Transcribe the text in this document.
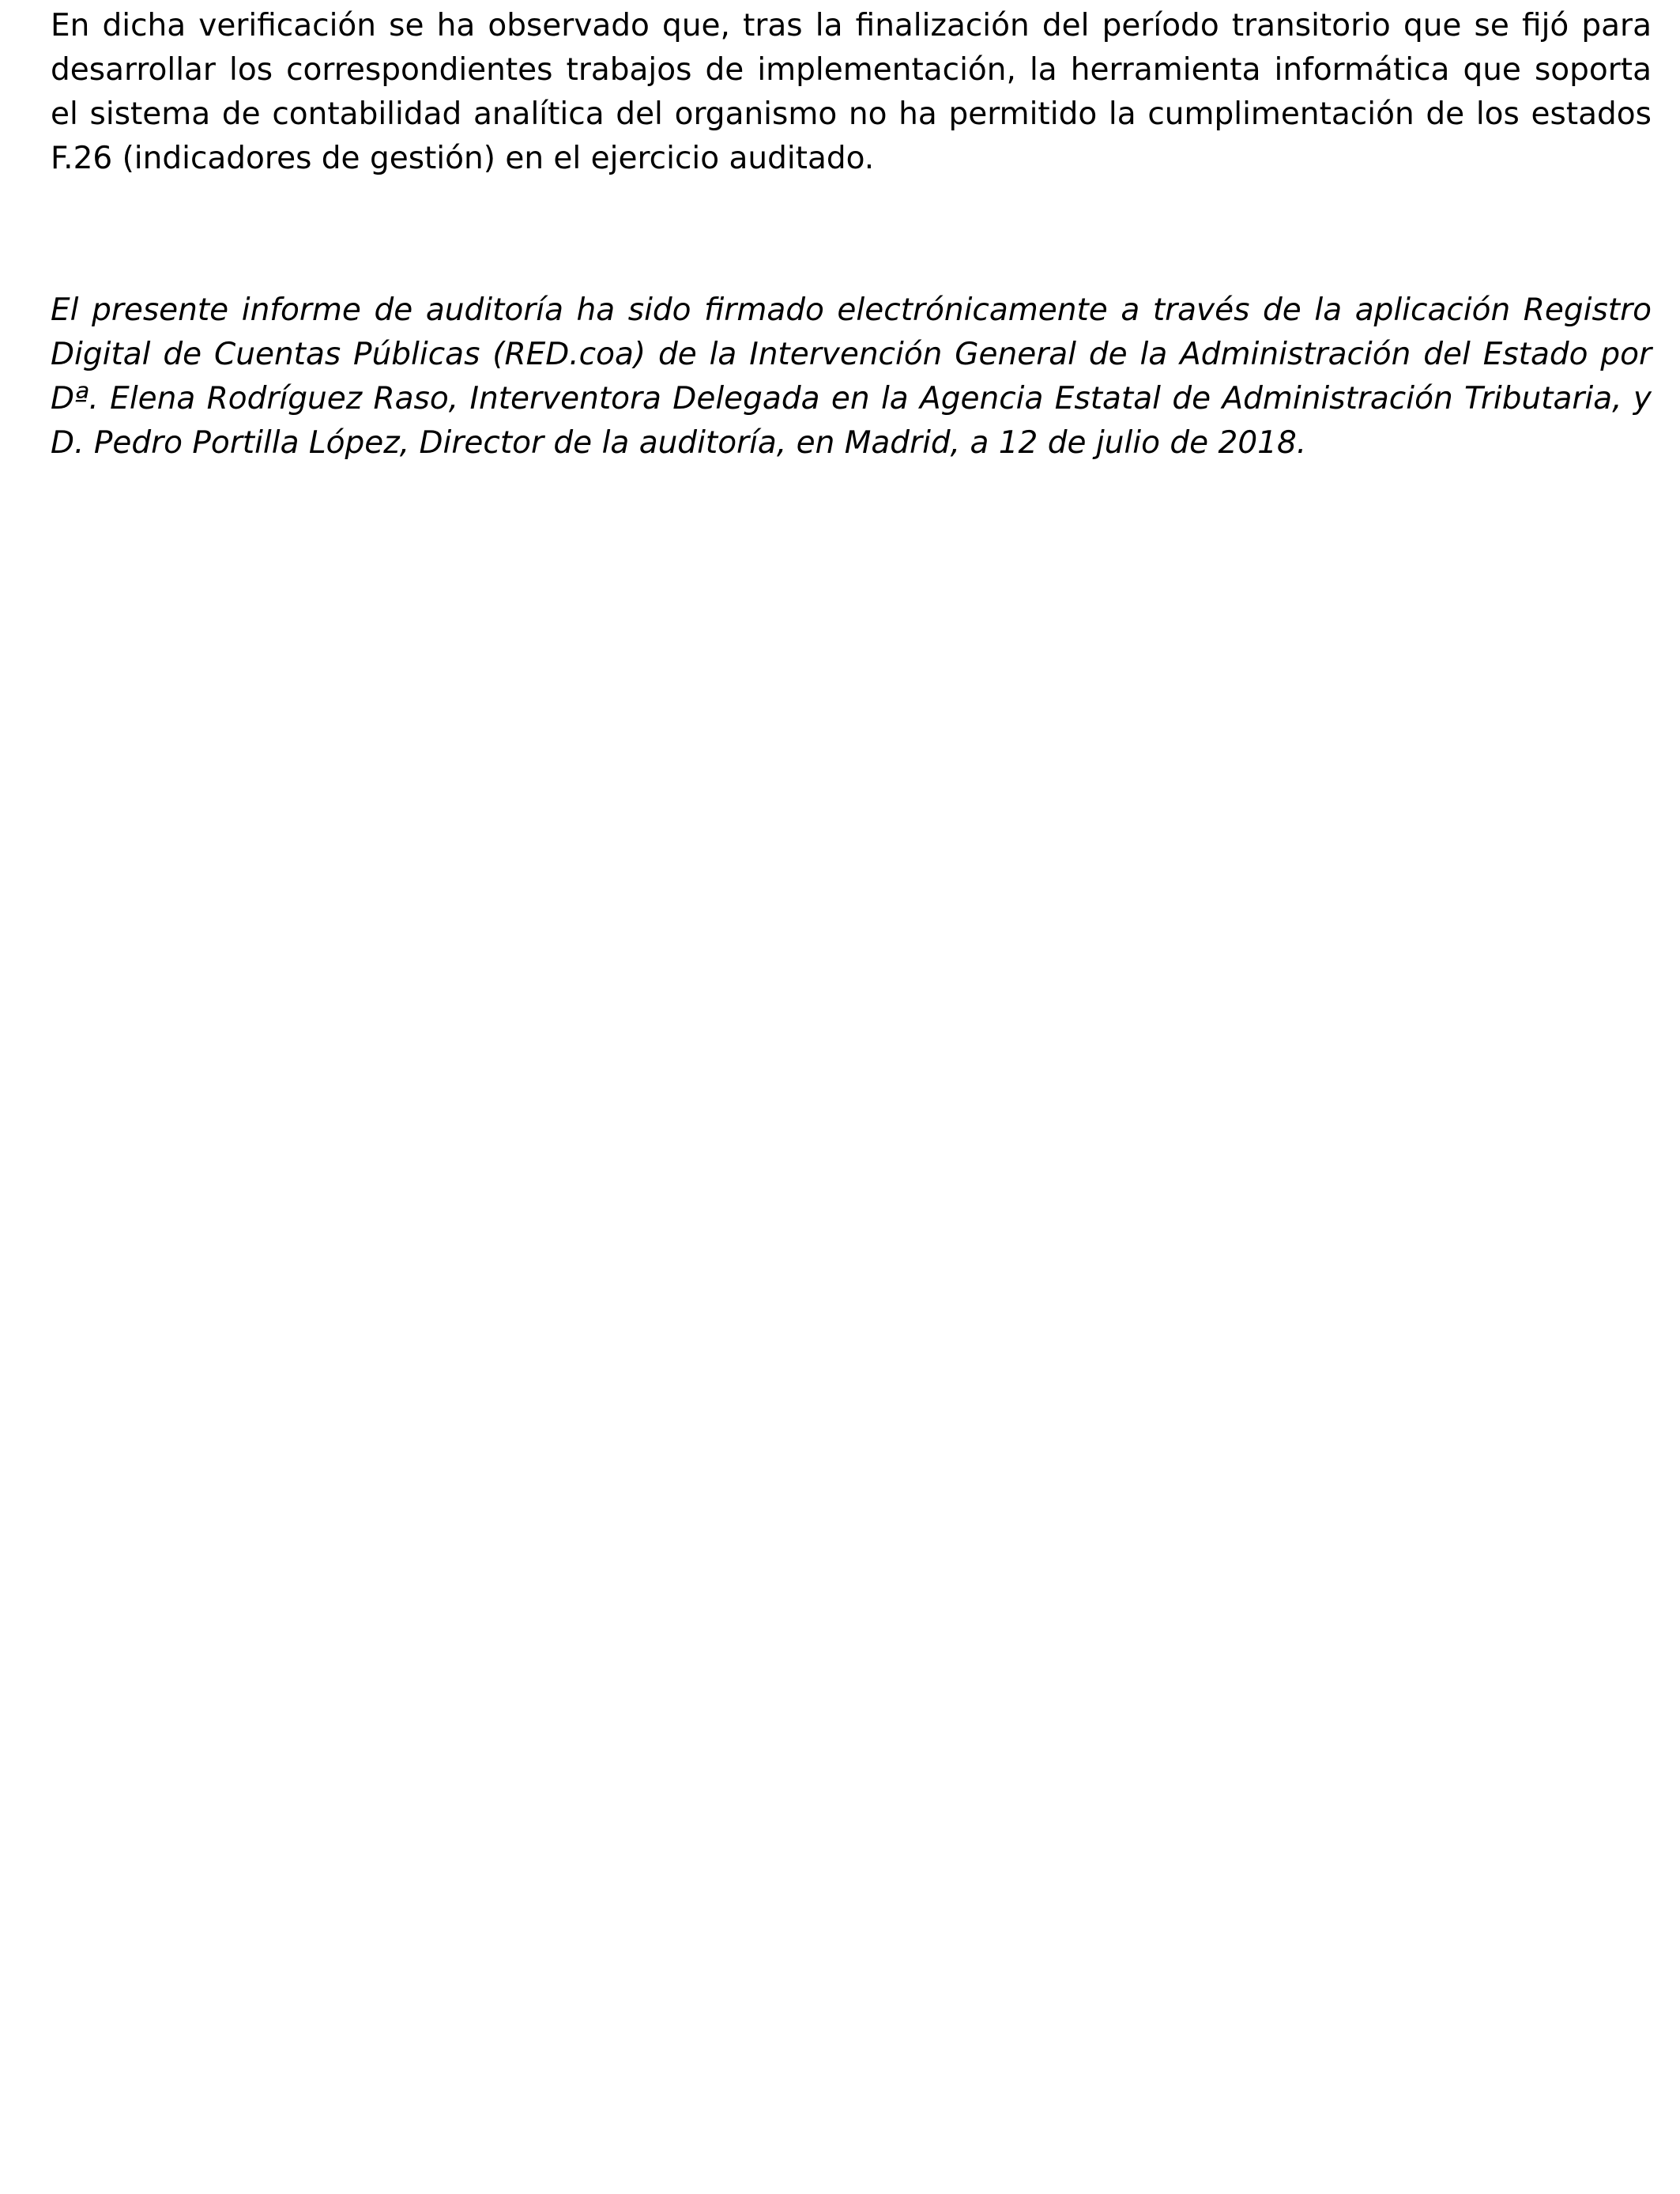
En dicha verificación se ha observado que, tras la finalización del período transitorio que se fijó para desarrollar los correspondientes trabajos de implementación, la herramienta informática que soporta el sistema de contabilidad analítica del organismo no ha permitido la cumplimentación de los estados F.26 (indicadores de gestión) en el ejercicio auditado.

El presente informe de auditoría ha sido firmado electrónicamente a través de la aplicación Registro Digital de Cuentas Públicas (RED.coa) de la Intervención General de la Administración del Estado por Dª. Elena Rodríguez Raso, Interventora Delegada en la Agencia Estatal de Administración Tributaria, y D. Pedro Portilla López, Director de la auditoría, en Madrid, a 12 de julio de 2018.
